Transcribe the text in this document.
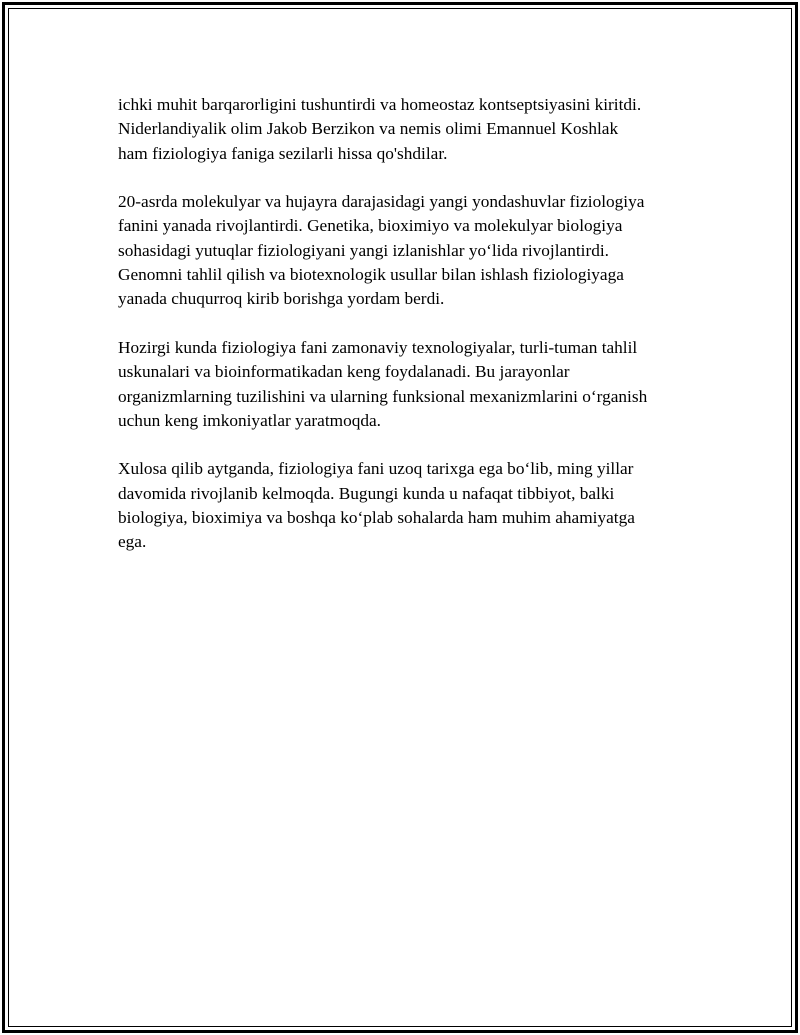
ichki muhit barqarorligini tushuntirdi va homeostaz kontseptsiyasini kiritdi.
Niderlandiyalik olim Jakob Berzikon va nemis olimi Emannuel Koshlak
ham fiziologiya faniga sezilarli hissa qo'shdilar.

20-asrda molekulyar va hujayra darajasidagi yangi yondashuvlar fiziologiya
fanini yanada rivojlantirdi. Genetika, bioximiyo va molekulyar biologiya
sohasidagi yutuqlar fiziologiyani yangi izlanishlar yo‘lida rivojlantirdi.
Genomni tahlil qilish va biotexnologik usullar bilan ishlash fiziologiyaga
yanada chuqurroq kirib borishga yordam berdi.

Hozirgi kunda fiziologiya fani zamonaviy texnologiyalar, turli-tuman tahlil
uskunalari va bioinformatikadan keng foydalanadi. Bu jarayonlar
organizmlarning tuzilishini va ularning funksional mexanizmlarini o‘rganish
uchun keng imkoniyatlar yaratmoqda.

Xulosa qilib aytganda, fiziologiya fani uzoq tarixga ega bo‘lib, ming yillar
davomida rivojlanib kelmoqda. Bugungi kunda u nafaqat tibbiyot, balki
biologiya, bioximiya va boshqa ko‘plab sohalarda ham muhim ahamiyatga
ega.
